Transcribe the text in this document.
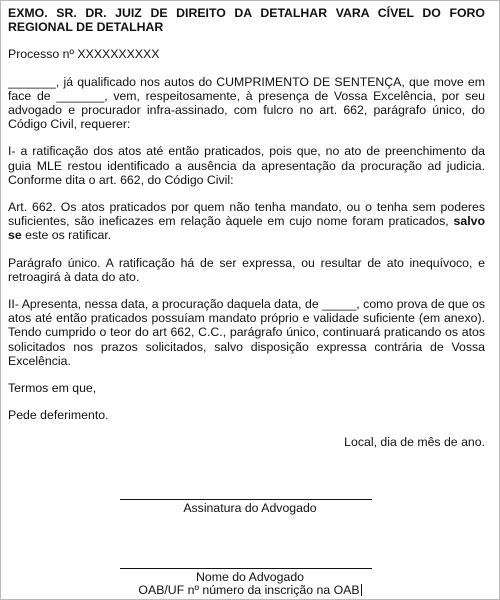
EXMO. SR. DR. JUIZ DE DIREITO DA DETALHAR VARA CÍVEL DO FORO REGIONAL DE DETALHAR

Processo nº XXXXXXXXXX

_______, já qualificado nos autos do CUMPRIMENTO DE SENTENÇA, que move em face de _______, vem, respeitosamente, à presença de Vossa Excelência, por seu advogado e procurador infra-assinado, com fulcro no art. 662, parágrafo único, do Código Civil, requerer:

I- a ratificação dos atos até então praticados, pois que, no ato de preenchimento da guia MLE restou identificado a ausência da apresentação da procuração ad judicia. Conforme dita o art. 662, do Código Civil:

Art. 662. Os atos praticados por quem não tenha mandato, ou o tenha sem poderes suficientes, são ineficazes em relação àquele em cujo nome foram praticados, salvo se este os ratificar.

Parágrafo único. A ratificação há de ser expressa, ou resultar de ato inequívoco, e retroagirá à data do ato.

II- Apresenta, nessa data, a procuração daquela data, de _____, como prova de que os atos até então praticados possuíam mandato próprio e validade suficiente (em anexo). Tendo cumprido o teor do art 662, C.C., parágrafo único, continuará praticando os atos solicitados nos prazos solicitados, salvo disposição expressa contrária de Vossa Excelência.

Termos em que,

Pede deferimento.

Local, dia de mês de ano.

Assinatura do Advogado
Nome do Advogado
OAB/UF nº número da inscrição na OAB
